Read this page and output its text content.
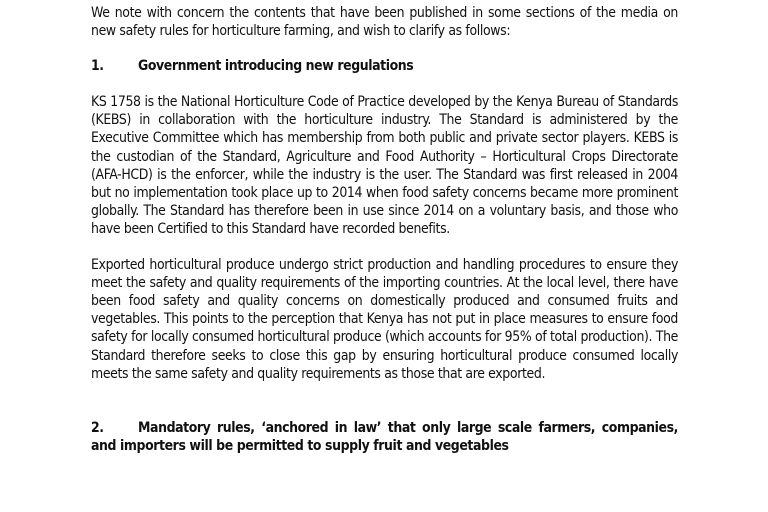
We note with concern the contents that have been published in some sections of the media on new safety rules for horticulture farming, and wish to clarify as follows:

1.	Government introducing new regulations

KS 1758 is the National Horticulture Code of Practice developed by the Kenya Bureau of Standards (KEBS) in collaboration with the horticulture industry. The Standard is administered by the Executive Committee which has membership from both public and private sector players. KEBS is the custodian of the Standard, Agriculture and Food Authority – Horticultural Crops Directorate (AFA-HCD) is the enforcer, while the industry is the user. The Standard was first released in 2004 but no implementation took place up to 2014 when food safety concerns became more prominent globally. The Standard has therefore been in use since 2014 on a voluntary basis, and those who have been Certified to this Standard have recorded benefits.

Exported horticultural produce undergo strict production and handling procedures to ensure they meet the safety and quality requirements of the importing countries. At the local level, there have been food safety and quality concerns on domestically produced and consumed fruits and vegetables. This points to the perception that Kenya has not put in place measures to ensure food safety for locally consumed horticultural produce (which accounts for 95% of total production). The Standard therefore seeks to close this gap by ensuring horticultural produce consumed locally meets the same safety and quality requirements as those that are exported.

2. Mandatory rules, ‘anchored in law’ that only large scale farmers, companies, and importers will be permitted to supply fruit and vegetables
